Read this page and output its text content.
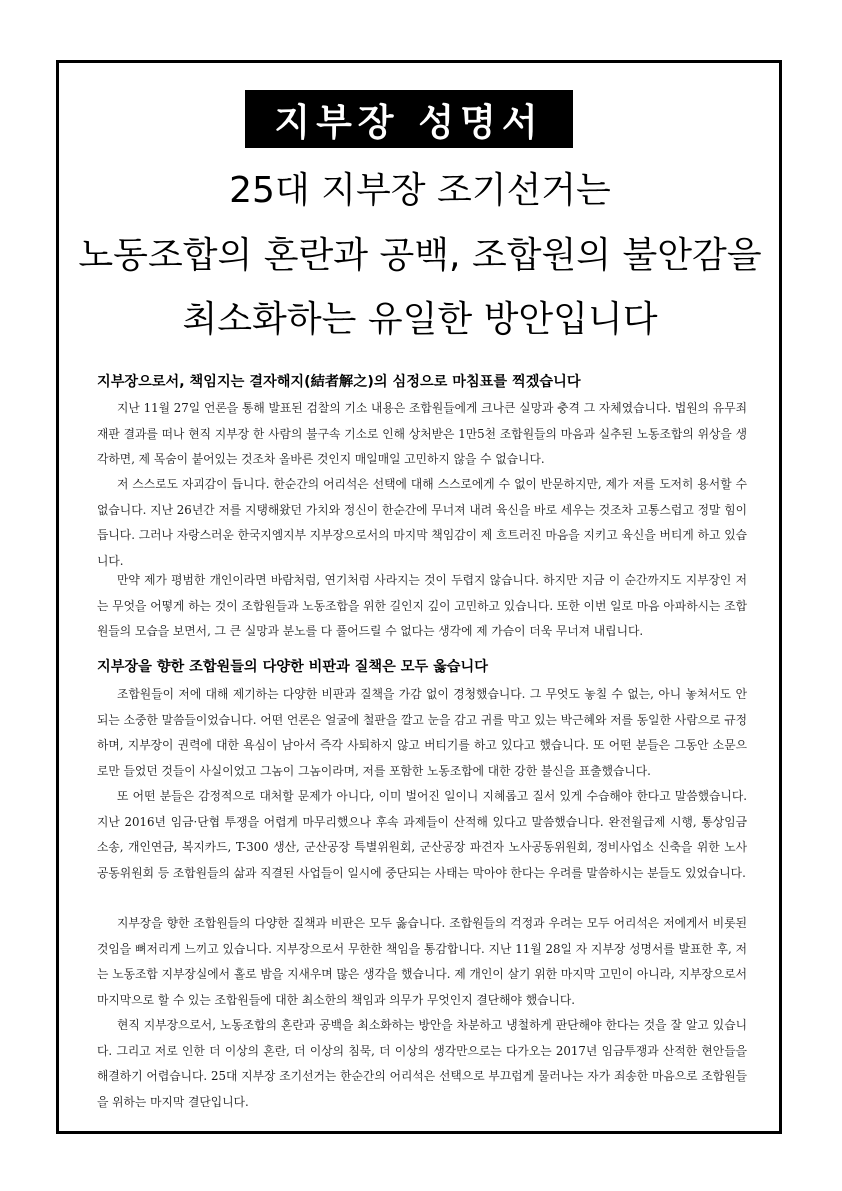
지부장 성명서
25대 지부장 조기선거는
노동조합의 혼란과 공백, 조합원의 불안감을
최소화하는 유일한 방안입니다
지부장으로서, 책임지는 결자해지(結者解之)의 심정으로 마침표를 찍겠습니다

지난 11월 27일 언론을 통해 발표된 검찰의 기소 내용은 조합원들에게 크나큰 실망과 충격 그 자체였습니다. 법원의 유무죄 재판 결과를 떠나 현직 지부장 한 사람의 불구속 기소로 인해 상처받은 1만5천 조합원들의 마음과 실추된 노동조합의 위상을 생각하면, 제 목숨이 붙어있는 것조차 올바른 것인지 매일매일 고민하지 않을 수 없습니다.

저 스스로도 자괴감이 듭니다. 한순간의 어리석은 선택에 대해 스스로에게 수 없이 반문하지만, 제가 저를 도저히 용서할 수 없습니다. 지난 26년간 저를 지탱해왔던 가치와 정신이 한순간에 무너져 내려 육신을 바로 세우는 것조차 고통스럽고 정말 힘이 듭니다. 그러나 자랑스러운 한국지엠지부 지부장으로서의 마지막 책임감이 제 흐트러진 마음을 지키고 육신을 버티게 하고 있습니다.

만약 제가 평범한 개인이라면 바람처럼, 연기처럼 사라지는 것이 두렵지 않습니다. 하지만 지금 이 순간까지도 지부장인 저는 무엇을 어떻게 하는 것이 조합원들과 노동조합을 위한 길인지 깊이 고민하고 있습니다. 또한 이번 일로 마음 아파하시는 조합원들의 모습을 보면서, 그 큰 실망과 분노를 다 풀어드릴 수 없다는 생각에 제 가슴이 더욱 무너져 내립니다.

지부장을 향한 조합원들의 다양한 비판과 질책은 모두 옳습니다

조합원들이 저에 대해 제기하는 다양한 비판과 질책을 가감 없이 경청했습니다. 그 무엇도 놓칠 수 없는, 아니 놓쳐서도 안 되는 소중한 말씀들이었습니다. 어떤 언론은 얼굴에 철판을 깔고 눈을 감고 귀를 막고 있는 박근혜와 저를 동일한 사람으로 규정하며, 지부장이 권력에 대한 욕심이 남아서 즉각 사퇴하지 않고 버티기를 하고 있다고 했습니다. 또 어떤 분들은 그동안 소문으로만 들었던 것들이 사실이었고 그놈이 그놈이라며, 저를 포함한 노동조합에 대한 강한 불신을 표출했습니다.

또 어떤 분들은 감정적으로 대처할 문제가 아니다, 이미 벌어진 일이니 지혜롭고 질서 있게 수습해야 한다고 말씀했습니다. 지난 2016년 임금·단협 투쟁을 어렵게 마무리했으나 후속 과제들이 산적해 있다고 말씀했습니다. 완전월급제 시행, 통상임금 소송, 개인연금, 복지카드, T-300 생산, 군산공장 특별위원회, 군산공장 파견자 노사공동위원회, 정비사업소 신축을 위한 노사공동위원회 등 조합원들의 삶과 직결된 사업들이 일시에 중단되는 사태는 막아야 한다는 우려를 말씀하시는 분들도 있었습니다.

지부장을 향한 조합원들의 다양한 질책과 비판은 모두 옳습니다. 조합원들의 걱정과 우려는 모두 어리석은 저에게서 비롯된 것임을 뼈저리게 느끼고 있습니다. 지부장으로서 무한한 책임을 통감합니다. 지난 11월 28일 자 지부장 성명서를 발표한 후, 저는 노동조합 지부장실에서 홀로 밤을 지새우며 많은 생각을 했습니다. 제 개인이 살기 위한 마지막 고민이 아니라, 지부장으로서 마지막으로 할 수 있는 조합원들에 대한 최소한의 책임과 의무가 무엇인지 결단해야 했습니다.

현직 지부장으로서, 노동조합의 혼란과 공백을 최소화하는 방안을 차분하고 냉철하게 판단해야 한다는 것을 잘 알고 있습니다. 그리고 저로 인한 더 이상의 혼란, 더 이상의 침묵, 더 이상의 생각만으로는 다가오는 2017년 임금투쟁과 산적한 현안들을 해결하기 어렵습니다. 25대 지부장 조기선거는 한순간의 어리석은 선택으로 부끄럽게 물러나는 자가 죄송한 마음으로 조합원들을 위하는 마지막 결단입니다.
